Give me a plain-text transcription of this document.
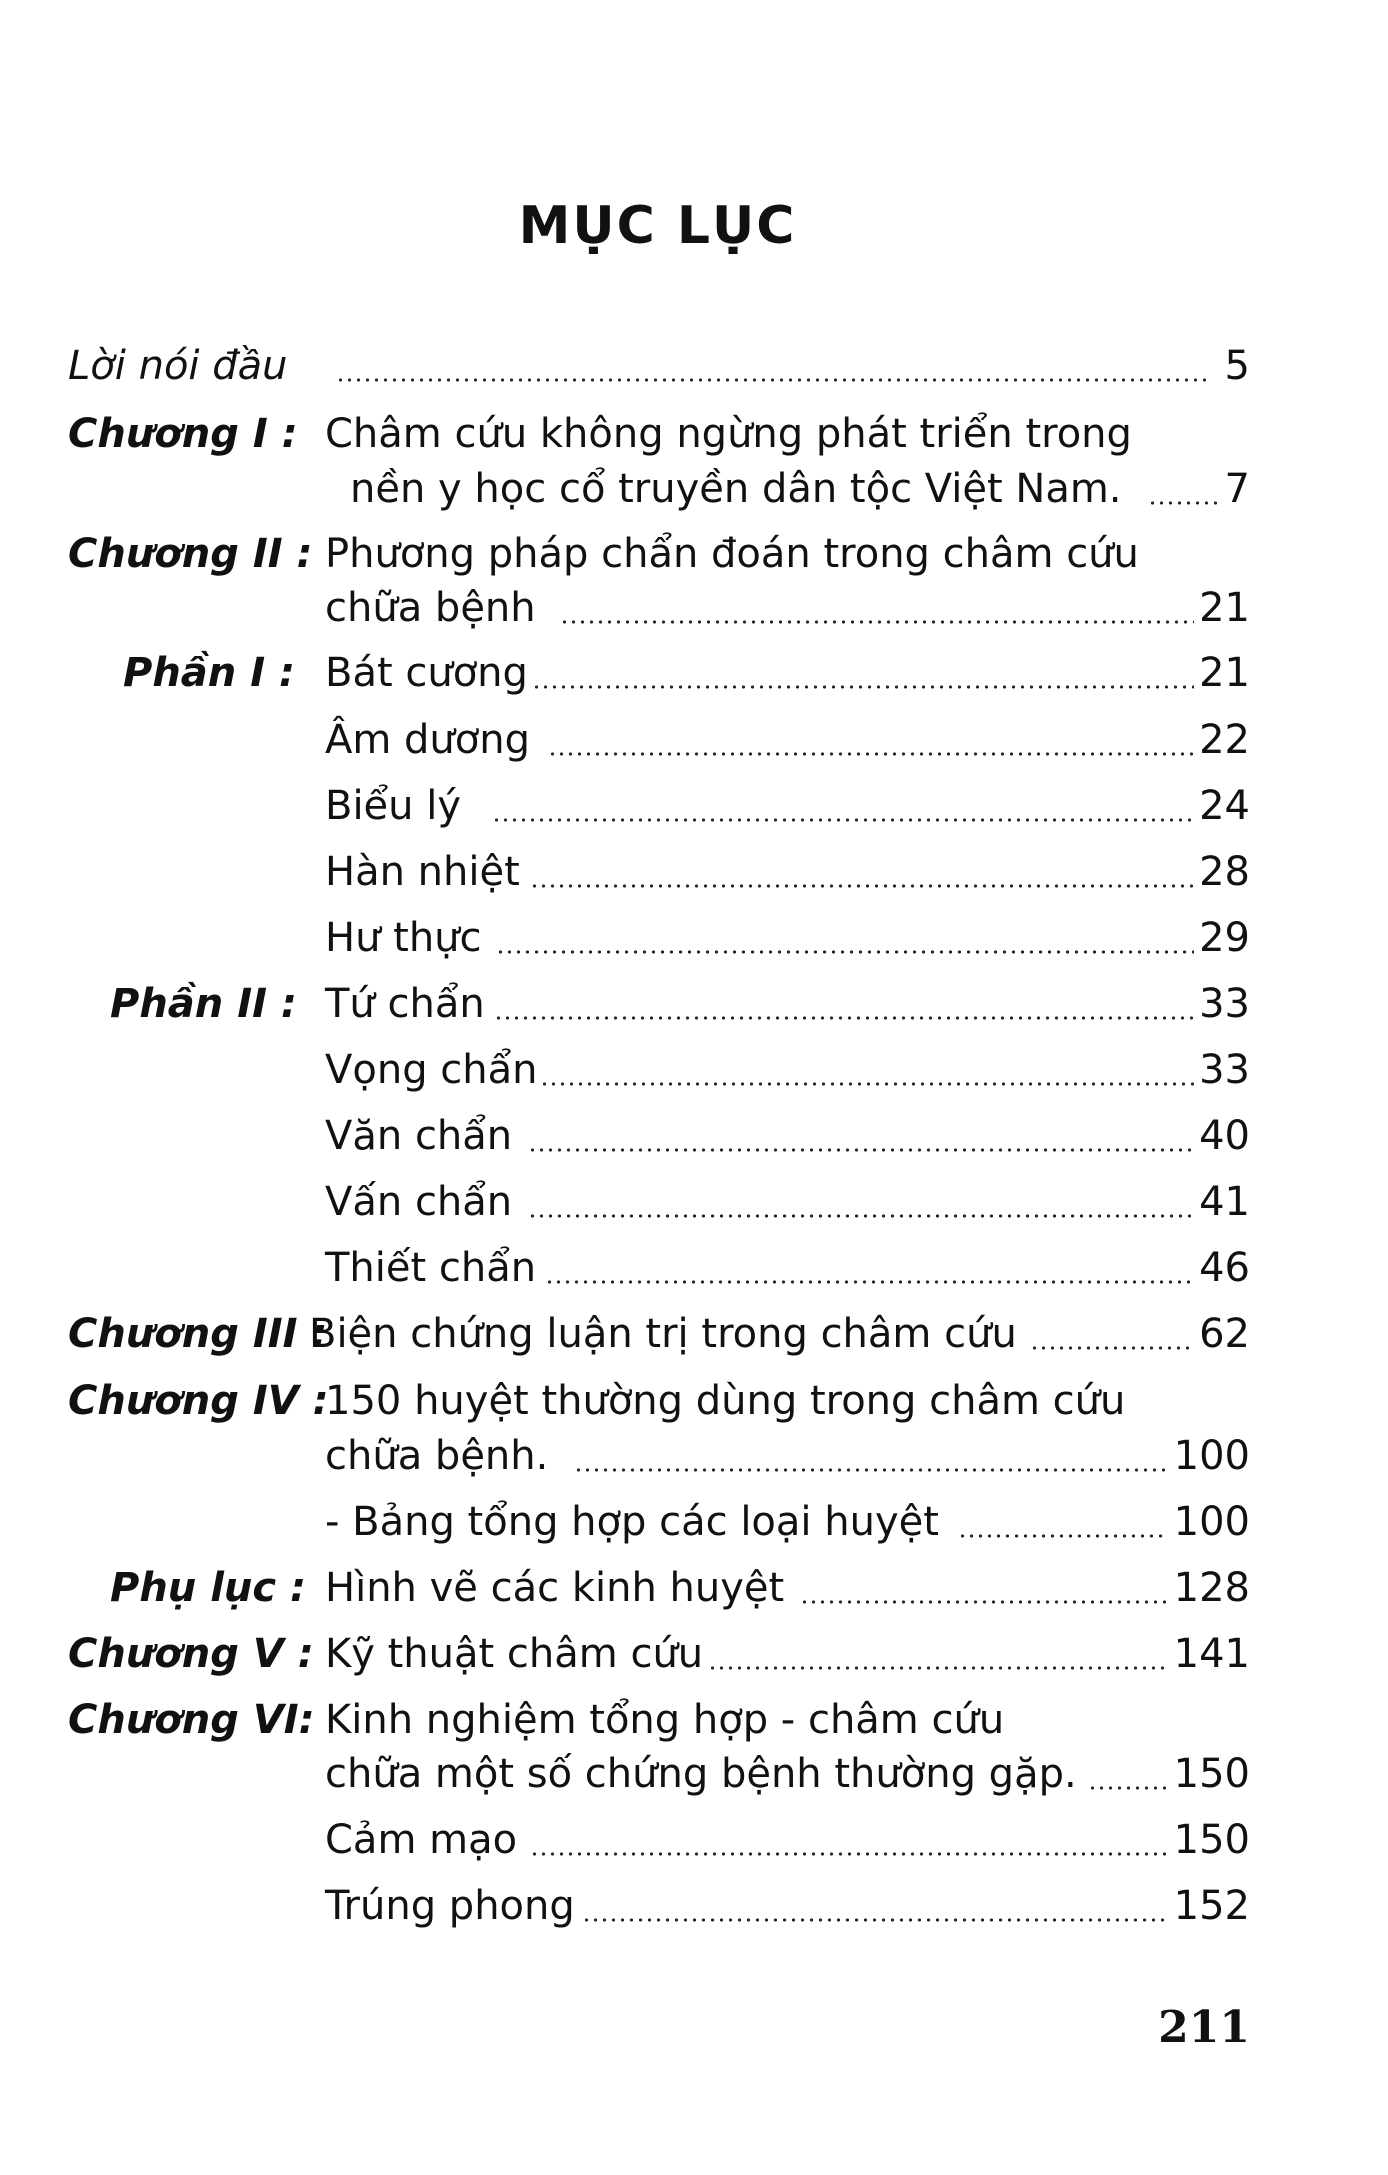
MỤC LỤC
Lời nói đầu	5
Chương I : Châm cứu không ngừng phát triển trong
nền y học cổ truyền dân tộc Việt Nam.	7
Chương II : Phương pháp chẩn đoán trong châm cứu
chữa bệnh	21
Phần I : Bát cương	21
Âm dương	22
Biểu lý	24
Hàn nhiệt	28
Hư thực	29
Phần II : Tứ chẩn	33
Vọng chẩn	33
Văn chẩn	40
Vấn chẩn	41
Thiết chẩn	46
Chương III :
Biện chứng luận trị trong châm cứu	62
Chương IV :
150 huyệt thường dùng trong châm cứu
chữa bệnh.	100
- Bảng tổng hợp các loại huyệt	100
Phụ lục : Hình vẽ các kinh huyệt	128
Chương V : Kỹ thuật châm cứu	141
Chương VI: Kinh nghiệm tổng hợp - châm cứu
chữa một số chứng bệnh thường gặp. 150
Cảm mạo	150
Trúng phong	152
211
